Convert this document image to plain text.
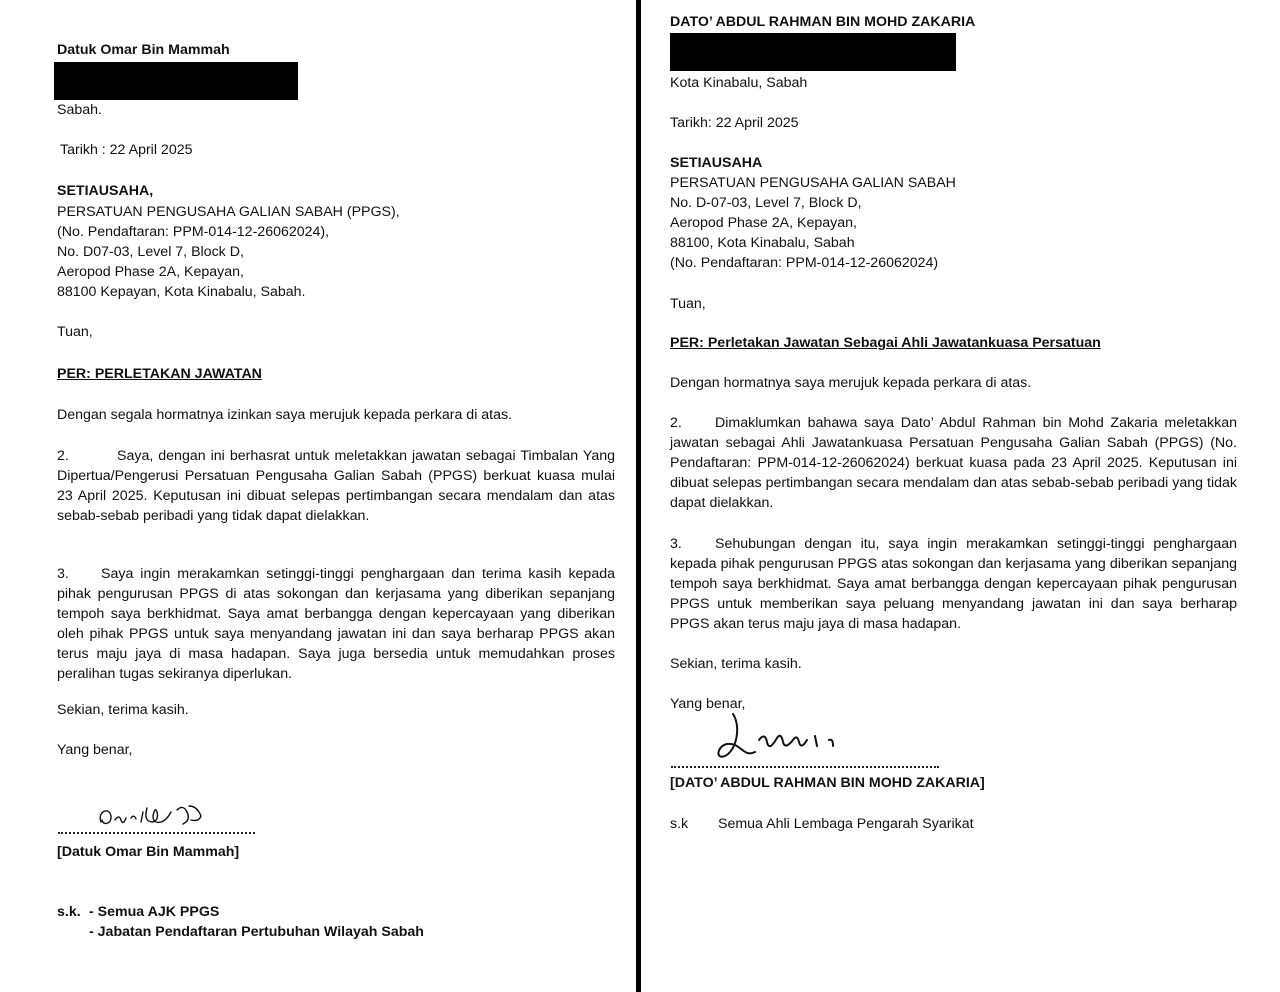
Datuk Omar Bin Mammah
Sabah.
Tarikh : 22 April 2025
SETIAUSAHA,
PERSATUAN PENGUSAHA GALIAN SABAH (PPGS),
(No. Pendaftaran: PPM-014-12-26062024),
No. D07-03, Level 7, Block D,
Aeropod Phase 2A, Kepayan,
88100 Kepayan, Kota Kinabalu, Sabah.
Tuan,
PER: PERLETAKAN JAWATAN
Dengan segala hormatnya izinkan saya merujuk kepada perkara di atas.
2.	Saya, dengan ini berhasrat untuk meletakkan jawatan sebagai Timbalan Yang Dipertua/Pengerusi Persatuan Pengusaha Galian Sabah (PPGS) berkuat kuasa mulai 23 April 2025. Keputusan ini dibuat selepas pertimbangan secara mendalam dan atas sebab-sebab peribadi yang tidak dapat dielakkan.
3.	Saya ingin merakamkan setinggi-tinggi penghargaan dan terima kasih kepada pihak pengurusan PPGS di atas sokongan dan kerjasama yang diberikan sepanjang tempoh saya berkhidmat. Saya amat berbangga dengan kepercayaan yang diberikan oleh pihak PPGS untuk saya menyandang jawatan ini dan saya berharap PPGS akan terus maju jaya di masa hadapan. Saya juga bersedia untuk memudahkan proses peralihan tugas sekiranya diperlukan.
Sekian, terima kasih.
Yang benar,
[Datuk Omar Bin Mammah]
s.k. - Semua AJK PPGS
- Jabatan Pendaftaran Pertubuhan Wilayah Sabah
DATO’ ABDUL RAHMAN BIN MOHD ZAKARIA
Kota Kinabalu, Sabah
Tarikh: 22 April 2025
SETIAUSAHA
PERSATUAN PENGUSAHA GALIAN SABAH
No. D-07-03, Level 7, Block D,
Aeropod Phase 2A, Kepayan,
88100, Kota Kinabalu, Sabah
(No. Pendaftaran: PPM-014-12-26062024)
Tuan,
PER: Perletakan Jawatan Sebagai Ahli Jawatankuasa Persatuan
Dengan hormatnya saya merujuk kepada perkara di atas.
2.	Dimaklumkan bahawa saya Dato’ Abdul Rahman bin Mohd Zakaria meletakkan jawatan sebagai Ahli Jawatankuasa Persatuan Pengusaha Galian Sabah (PPGS) (No. Pendaftaran: PPM-014-12-26062024) berkuat kuasa pada 23 April 2025. Keputusan ini dibuat selepas pertimbangan secara mendalam dan atas sebab-sebab peribadi yang tidak dapat dielakkan.
3.	Sehubungan dengan itu, saya ingin merakamkan setinggi-tinggi penghargaan kepada pihak pengurusan PPGS atas sokongan dan kerjasama yang diberikan sepanjang tempoh saya berkhidmat. Saya amat berbangga dengan kepercayaan pihak pengurusan PPGS untuk memberikan saya peluang menyandang jawatan ini dan saya berharap PPGS akan terus maju jaya di masa hadapan.
Sekian, terima kasih.
Yang benar,
[DATO’ ABDUL RAHMAN BIN MOHD ZAKARIA]
s.k Semua Ahli Lembaga Pengarah Syarikat
